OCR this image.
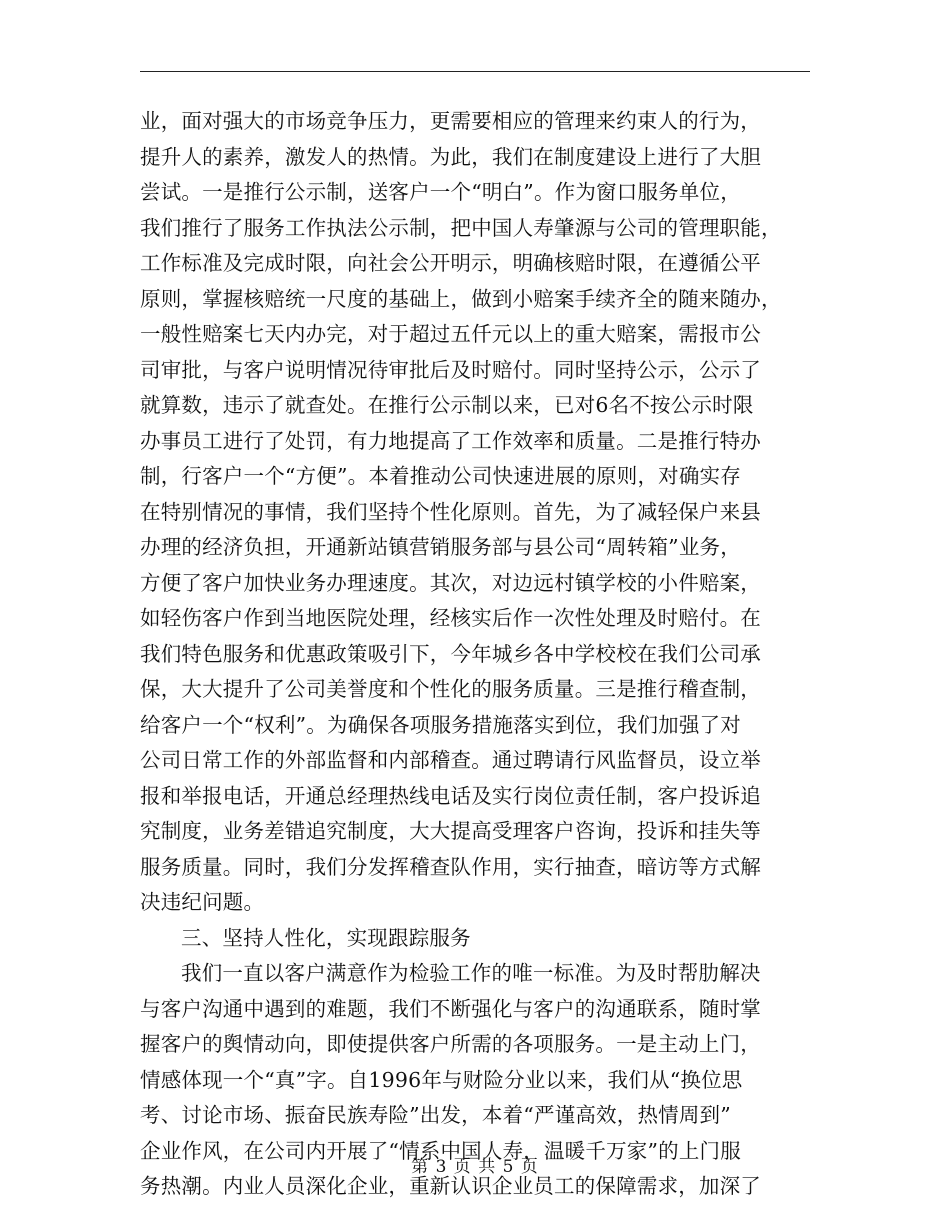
业，面对强大的市场竞争压力，更需要相应的管理来约束人的行为，
提升人的素养，激发人的热情。为此，我们在制度建设上进行了大胆
尝试。一是推行公示制，送客户一个“明白”。作为窗口服务单位，
我们推行了服务工作执法公示制，把中国人寿肇源与公司的管理职能，
工作标准及完成时限，向社会公开明示，明确核赔时限，在遵循公平
原则，掌握核赔统一尺度的基础上，做到小赔案手续齐全的随来随办，
一般性赔案七天内办完，对于超过五仟元以上的重大赔案，需报市公
司审批，与客户说明情况待审批后及时赔付。同时坚持公示，公示了
就算数，违示了就查处。在推行公示制以来，已对6名不按公示时限
办事员工进行了处罚，有力地提高了工作效率和质量。二是推行特办
制，行客户一个“方便”。本着推动公司快速进展的原则，对确实存
在特别情况的事情，我们坚持个性化原则。首先，为了减轻保户来县
办理的经济负担，开通新站镇营销服务部与县公司“周转箱”业务，
方便了客户加快业务办理速度。其次，对边远村镇学校的小件赔案，
如轻伤客户作到当地医院处理，经核实后作一次性处理及时赔付。在
我们特色服务和优惠政策吸引下，今年城乡各中学校校在我们公司承
保，大大提升了公司美誉度和个性化的服务质量。三是推行稽查制，
给客户一个“权利”。为确保各项服务措施落实到位，我们加强了对
公司日常工作的外部监督和内部稽查。通过聘请行风监督员，设立举
报和举报电话，开通总经理热线电话及实行岗位责任制，客户投诉追
究制度，业务差错追究制度，大大提高受理客户咨询，投诉和挂失等
服务质量。同时，我们分发挥稽查队作用，实行抽查，暗访等方式解
决违纪问题。
三、坚持人性化，实现跟踪服务
我们一直以客户满意作为检验工作的唯一标准。为及时帮肋解决
与客户沟通中遇到的难题，我们不断强化与客户的沟通联系，随时掌
握客户的舆情动向，即使提供客户所需的各项服务。一是主动上门，
情感体现一个“真”字。自1996年与财险分业以来，我们从“换位思
考、讨论市场、振奋民族寿险”出发，本着“严谨高效，热情周到”
企业作风，在公司内开展了“情系中国人寿，温暖千万家”的上门服
务热潮。内业人员深化企业，重新认识企业员工的保障需求，加深了
第 3 页 共 5 页
